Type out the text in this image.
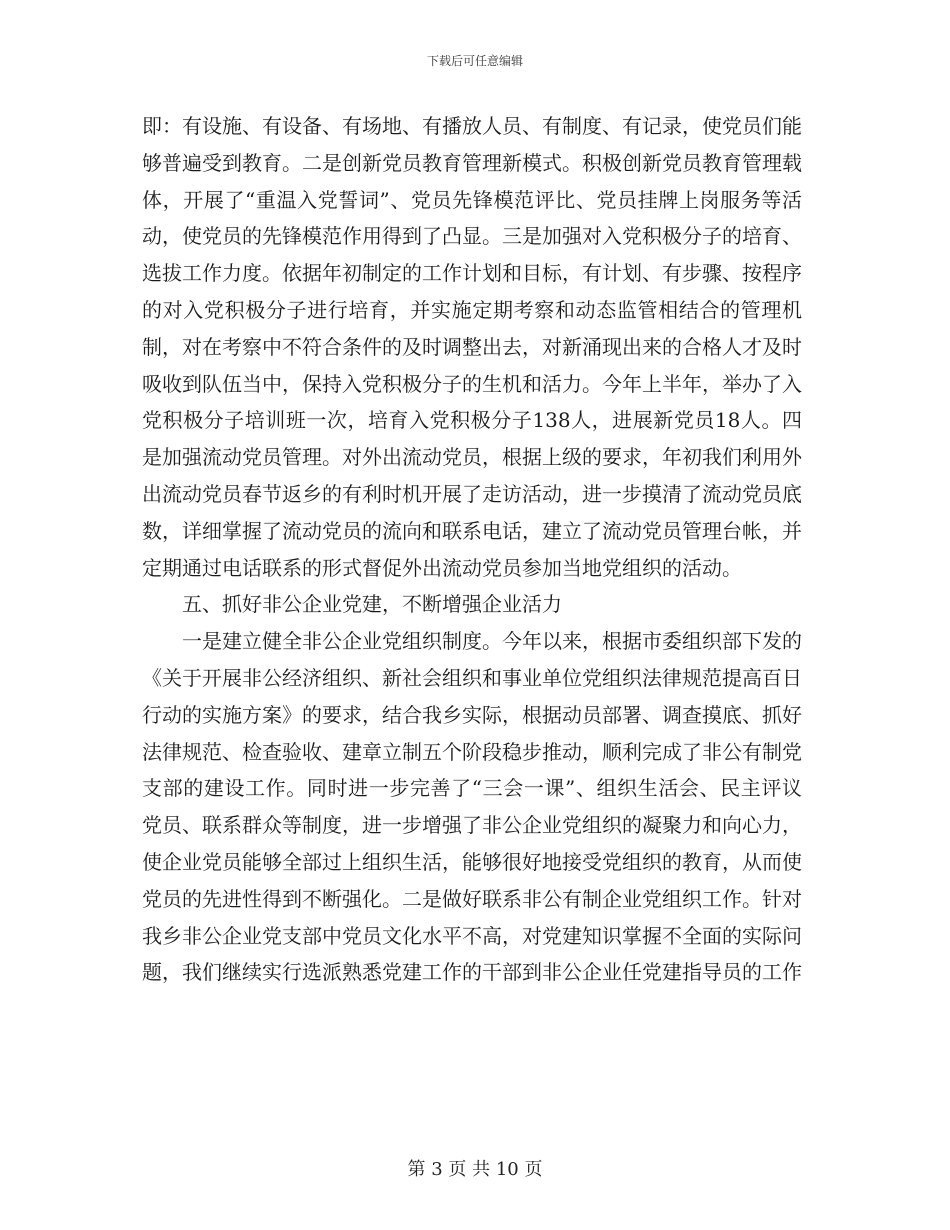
下载后可任意编辑

即：有设施、有设备、有场地、有播放人员、有制度、有记录，使党员们能够普遍受到教育。二是创新党员教育管理新模式。积极创新党员教育管理载体，开展了“重温入党誓词”、党员先锋模范评比、党员挂牌上岗服务等活动，使党员的先锋模范作用得到了凸显。三是加强对入党积极分子的培育、选拔工作力度。依据年初制定的工作计划和目标，有计划、有步骤、按程序的对入党积极分子进行培育，并实施定期考察和动态监管相结合的管理机制，对在考察中不符合条件的及时调整出去，对新涌现出来的合格人才及时吸收到队伍当中，保持入党积极分子的生机和活力。今年上半年，举办了入党积极分子培训班一次，培育入党积极分子138人，进展新党员18人。四是加强流动党员管理。对外出流动党员，根据上级的要求，年初我们利用外出流动党员春节返乡的有利时机开展了走访活动，进一步摸清了流动党员底数，详细掌握了流动党员的流向和联系电话，建立了流动党员管理台帐，并定期通过电话联系的形式督促外出流动党员参加当地党组织的活动。

五、抓好非公企业党建，不断增强企业活力

一是建立健全非公企业党组织制度。今年以来，根据市委组织部下发的《关于开展非公经济组织、新社会组织和事业单位党组织法律规范提高百日行动的实施方案》的要求，结合我乡实际，根据动员部署、调查摸底、抓好法律规范、检查验收、建章立制五个阶段稳步推动，顺利完成了非公有制党支部的建设工作。同时进一步完善了“三会一课”、组织生活会、民主评议党员、联系群众等制度，进一步增强了非公企业党组织的凝聚力和向心力，使企业党员能够全部过上组织生活，能够很好地接受党组织的教育，从而使党员的先进性得到不断强化。二是做好联系非公有制企业党组织工作。针对我乡非公企业党支部中党员文化水平不高，对党建知识掌握不全面的实际问题，我们继续实行选派熟悉党建工作的干部到非公企业任党建指导员的工作

第 3 页 共 10 页
